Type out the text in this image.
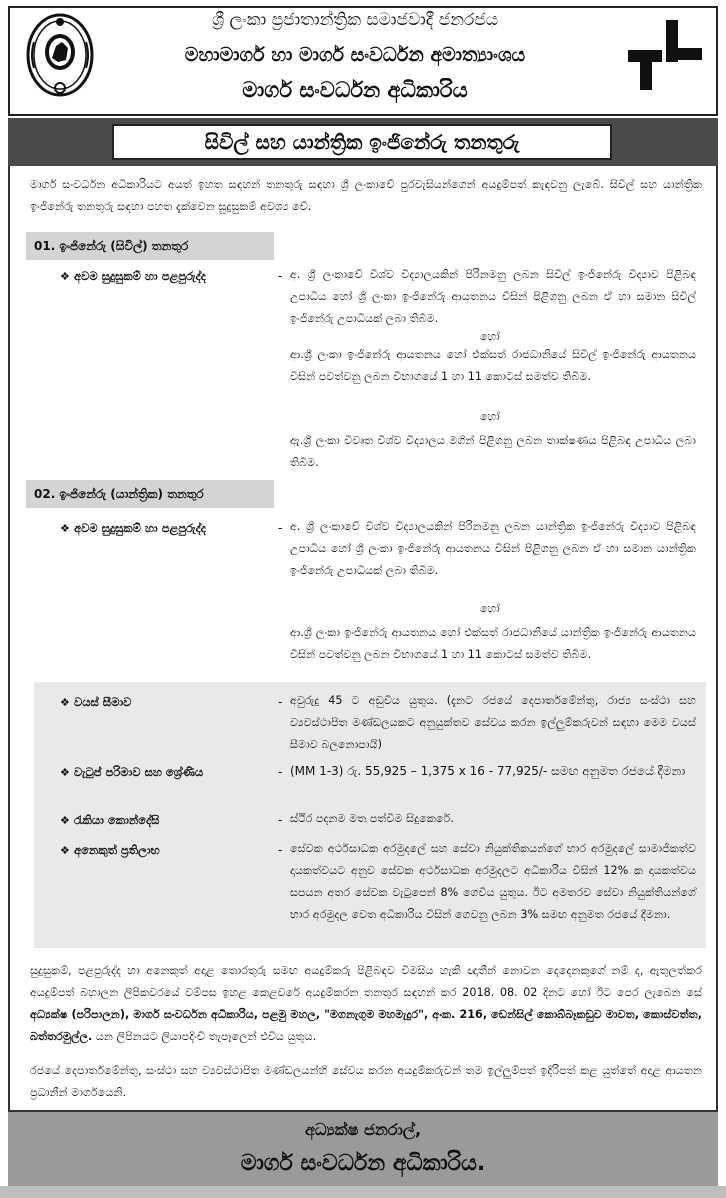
ශ්‍රී ලංකා ප්‍රජාතාන්ත්‍රික සමාජවාදී ජනරජය
මහාමාර්ග හා මාර්ග සංවර්ධන අමාත්‍යාංශය
මාර්ග සංවර්ධන අධිකාරිය
සිවිල් සහ යාන්ත්‍රික ඉංජිනේරු තනතුරු
මාර්ග සංවර්ධන අධිකාරියට අයත් ඉහත සඳහන් තනතුරු සඳහා ශ්‍රී ලංකාවේ පුරවැසියන්ගෙන් අයදුම්පත් කැඳවනු ලැබේ. සිවිල් සහ යාන්ත්‍රික ඉංජිනේරු තනතුරු සඳහා පහත දැක්වෙන සුදුසුකම් අවශ්‍ය වේ.
01. ඉංජිනේරු (සිවිල්) තනතුර
❖ අවම සුදුසුකම් හා පළපුරුද්ද	- අ. ශ්‍රී ලංකාවේ විශ්ව විද්‍යාලයකින් පිරිනමනු ලබන සිවිල් ඉංජිනේරු විද්‍යාව පිළිබඳ උපාධිය හෝ ශ්‍රී ලංකා ඉංජිනේරු ආයතනය විසින් පිළිගනු ලබන ඒ හා සමාන සිවිල් ඉංජිනේරු උපාධියක් ලබා තිබීම.
හෝ
ආ.ශ්‍රී ලංකා ඉංජිනේරු ආයතනය හෝ එක්සත් රාජධානියේ සිවිල් ඉංජිනේරු ආයතනය විසින් පවත්වනු ලබන විභාගයේ 1 හා 11 කොටස් සමත්ව තිබීම.
හෝ
ඇ.ශ්‍රී ලංකා විවෘත විශ්ව විද්‍යාලය මගින් පිළිගනු ලබන තාක්ෂණය පිළිබඳ උපාධිය ලබා තිබීම.
02. ඉංජිනේරු (යාන්ත්‍රික) තනතුර
❖ අවම සුදුසුකම් හා පළපුරුද්ද	- අ. ශ්‍රී ලංකාවේ විශ්ව විද්‍යාලයකින් පිරිනමනු ලබන යාන්ත්‍රික ඉංජිනේරු විද්‍යාව පිළිබඳ උපාධිය හෝ ශ්‍රී ලංකා ඉංජිනේරු ආයතනය විසින් පිළිගනු ලබන ඒ හා සමාන යාන්ත්‍රික ඉංජිනේරු උපාධියක් ලබා තිබීම.
හෝ
ආ.ශ්‍රී ලංකා ඉංජිනේරු ආයතනය හෝ එක්සත් රාජධානියේ යාන්ත්‍රික ඉංජිනේරු ආයතනය විසින් පවත්වනු ලබන විභාගයේ 1 හා 11 කොටස් සමත්ව තිබීම.
❖ වයස් සීමාව	- අවුරුදු 45 ට අඩුවිය යුතුය. (දැනට රජයේ දෙපාර්තමේන්තු, රාජ්‍ය සංස්ථා සහ ව්‍යවස්ථාපිත මණ්ඩලයකට අනුයුක්තව සේවය කරන ඉල්ලුම්කරුවන් සඳහා මෙම වයස් සීමාව බලනොපායි)
❖ වැටුප් පරිමාව සහ ශ්‍රේණිය	- (MM 1-3) රු. 55,925 – 1,375 x 16 - 77,925/- සමඟ අනුමත රජයේ දීමනා
❖ රැකියා කොන්දේසි	- ස්ථිර පදනම මත පත්වීම සිදුකෙරේ.
❖ අනෙකුත් ප්‍රතිලාභ	- සේවක අර්ථසාධක අරමුදලේ සහ සේවා නියුක්තිකයන්ගේ භාර අරමුදලේ සාමාජිකත්ව දායකත්වයට අනුව සේවක අර්ථසාධක අරමුදලට අධිකාරිය විසින් 12% ක දායකත්වය සපයන අතර සේවක වැටුපෙන් 8% ගෙවිය යුතුය. ඊට අමතරව සේවා නියුක්තියන්ගේ භාර අරමුදල වෙත අධිකාරිය විසින් ගෙවනු ලබන 3% සමඟ අනුමත රජයේ දීමනා.
සුදුසුකම්, පළපුරුද්ද හා අනෙකුත් අදාළ තොරතුරු සමඟ අයදුම්කරු පිළිබඳව විමසිය හැකි ඥාතීන් නොවන දෙදෙනකුගේ නම් ද, ඇතුලත්කර අයදුම්පත් බහාලන ලිපිකවරයේ වම්පස ඉහළ කෙළවරේ අයදුම්කරන තනතුර සඳහන් කර 2018. 08. 02 දිනට හෝ ඊට පෙර ලැබෙන සේ අධ්‍යක්ෂ (පරිපාලන), මාර්ග සංවර්ධන අධිකාරිය, පළමු මහල, "මගනැගුම මහමැදුර", අංක. 216, ඩෙන්සිල් කොබ්බෑකඩුව මාවත, කොස්වත්ත, බත්තරමුල්ල. යන ලිපිනයට ලියාපදිංචි තැපෑලෙන් එවිය යුතුය.
රජයේ දෙපාර්තමේන්තු, සංස්ථා සහ ව්‍යවස්ථාපිත මණ්ඩලයන්හි සේවය කරන අයදුම්කරුවන් තම ඉල්ලුම්පත් ඉදිරිපත් කළ යුත්තේ අදාළ ආයතන ප්‍රධානීන් මාර්ගයෙනි.
අධ්‍යක්ෂ ජනරාල්,
මාර්ග සංවර්ධන අධිකාරිය.
